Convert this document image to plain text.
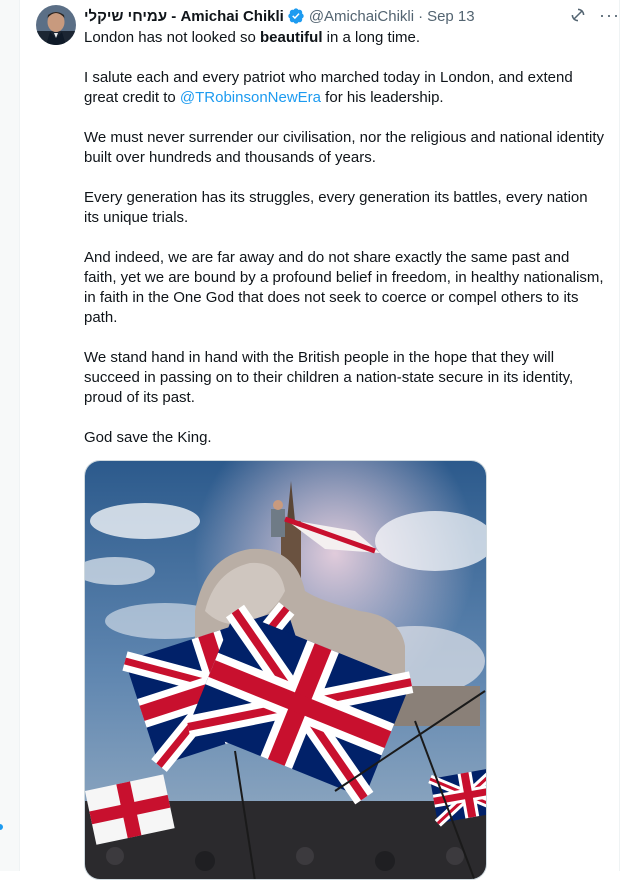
עמיחי שיקלי - Amichai Chikli @AmichaiChikli · Sep 13	···

London has not looked so beautiful in a long time.

I salute each and every patriot who marched today in London, and extend great credit to @TRobinsonNewEra for his leadership.

We must never surrender our civilisation, nor the religious and national identity built over hundreds and thousands of years.

Every generation has its struggles, every generation its battles, every nation its unique trials.

And indeed, we are far away and do not share exactly the same past and faith, yet we are bound by a profound belief in freedom, in healthy nationalism, in faith in the One God that does not seek to coerce or compel others to its path.

We stand hand in hand with the British people in the hope that they will succeed in passing on to their children a nation-state secure in its identity, proud of its past.

God save the King.
